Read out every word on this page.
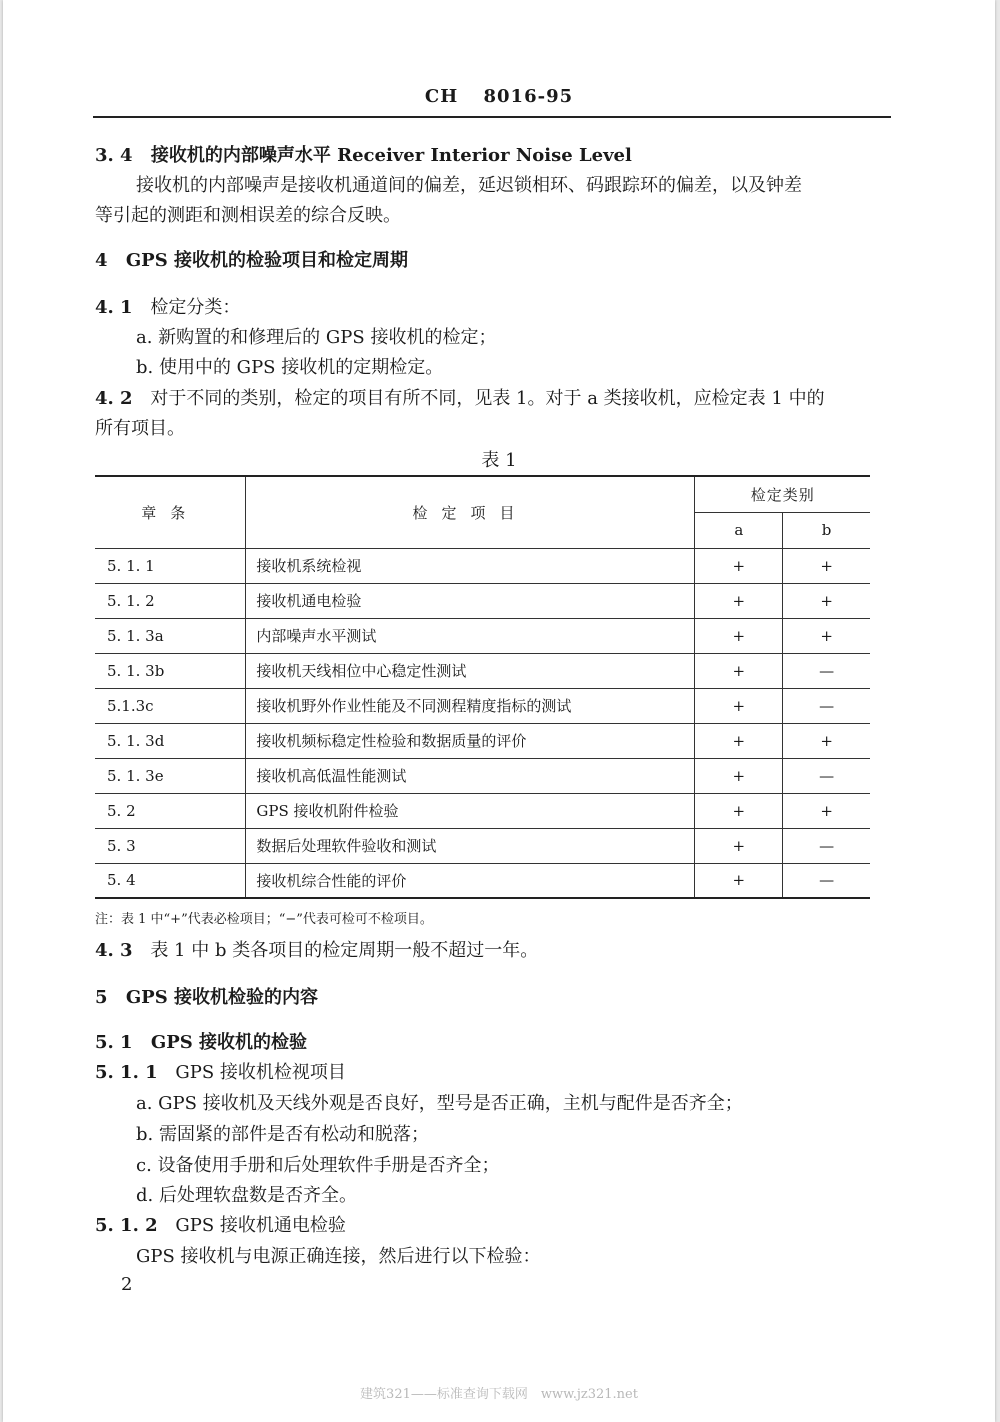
CH 8016-95
3. 4 接收机的内部噪声水平 Receiver Interior Noise Level
接收机的内部噪声是接收机通道间的偏差，延迟锁相环、码跟踪环的偏差，以及钟差
等引起的测距和测相误差的综合反映。
4 GPS 接收机的检验项目和检定周期
4. 1 检定分类：
a. 新购置的和修理后的 GPS 接收机的检定；
b. 使用中的 GPS 接收机的定期检定。
4. 2 对于不同的类别，检定的项目有所不同，见表 1。对于 a 类接收机，应检定表 1 中的
所有项目。
表 1
章条	检定项目	检定类别	
		a	b
5. 1. 1	接收机系统检视	+	+
5. 1. 2	接收机通电检验	+	+
5. 1. 3a	内部噪声水平测试	+	+
5. 1. 3b	接收机天线相位中心稳定性测试	+	—
5.1.3c	接收机野外作业性能及不同测程精度指标的测试	+	—
5. 1. 3d	接收机频标稳定性检验和数据质量的评价	+	+
5. 1. 3e	接收机高低温性能测试	+	—
5. 2	GPS 接收机附件检验	+	+
5. 3	数据后处理软件验收和测试	+	—
5. 4	接收机综合性能的评价	+	—
注：表 1 中“+”代表必检项目；“−”代表可检可不检项目。
4. 3 表 1 中 b 类各项目的检定周期一般不超过一年。
5 GPS 接收机检验的内容
5. 1 GPS 接收机的检验
5. 1. 1 GPS 接收机检视项目
a. GPS 接收机及天线外观是否良好，型号是否正确，主机与配件是否齐全；
b. 需固紧的部件是否有松动和脱落；
c. 设备使用手册和后处理软件手册是否齐全；
d. 后处理软盘数是否齐全。
5. 1. 2 GPS 接收机通电检验
GPS 接收机与电源正确连接，然后进行以下检验：
2
建筑321——标准查询下载网　www.jz321.net
